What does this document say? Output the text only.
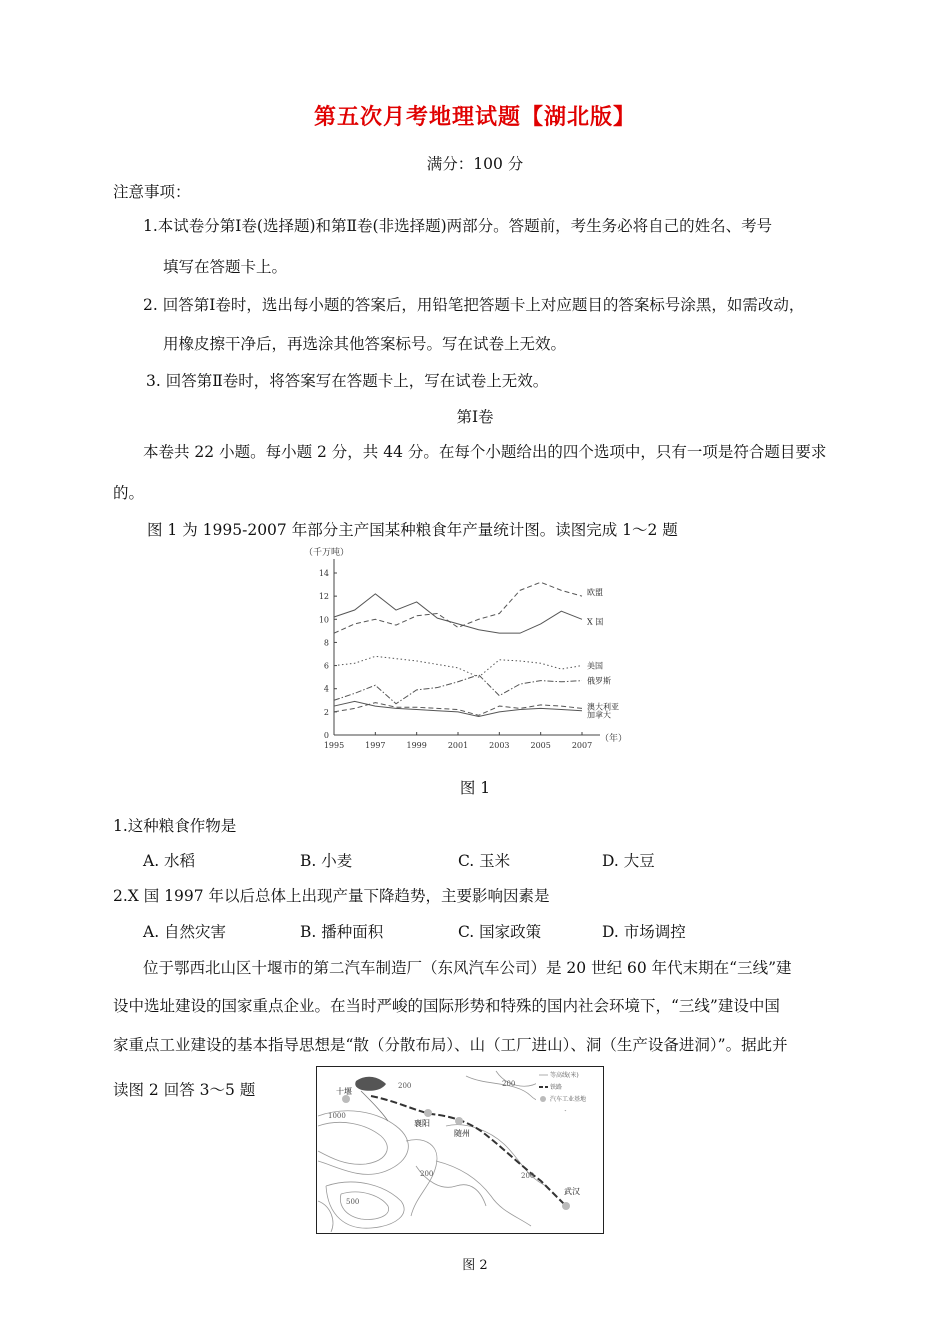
第五次月考地理试题【湖北版】
满分：100 分
注意事项：
1.本试卷分第Ⅰ卷(选择题)和第Ⅱ卷(非选择题)两部分。答题前，考生务必将自己的姓名、考号
填写在答题卡上。
2. 回答第Ⅰ卷时，选出每小题的答案后，用铅笔把答题卡上对应题目的答案标号涂黑，如需改动，
用橡皮擦干净后，再选涂其他答案标号。写在试卷上无效。
3. 回答第Ⅱ卷时，将答案写在答题卡上，写在试卷上无效。
第Ⅰ卷
本卷共 22 小题。每小题 2 分，共 44 分。在每个小题给出的四个选项中，只有一项是符合题目要求
的。
图 1 为 1995-2007 年部分主产国某种粮食年产量统计图。读图完成 1～2 题
（千万吨）
（年）
0
2
4
6
8
10
12
14
1995	1997	1999	2001	2003	2005	2007
欧盟
X 国
美国
俄罗斯
澳大利亚
加拿大
图 1
1.这种粮食作物是
A. 水稻	B. 小麦	C. 玉米	D. 大豆
2.X 国 1997 年以后总体上出现产量下降趋势，主要影响因素是
A. 自然灾害	B. 播种面积	C. 国家政策	D. 市场调控
位于鄂西北山区十堰市的第二汽车制造厂（东风汽车公司）是 20 世纪 60 年代末期在“三线”建
设中选址建设的国家重点企业。在当时严峻的国际形势和特殊的国内社会环境下，“三线”建设中国
家重点工业建设的基本指导思想是“散（分散布局）、山（工厂进山）、洞（生产设备进洞）”。据此并
读图 2 回答 3～5 题	十堰
襄阳
随州
武汉
200	200
1000
200
500
200
等高线(米)
铁路
汽车工业基地
图 2
